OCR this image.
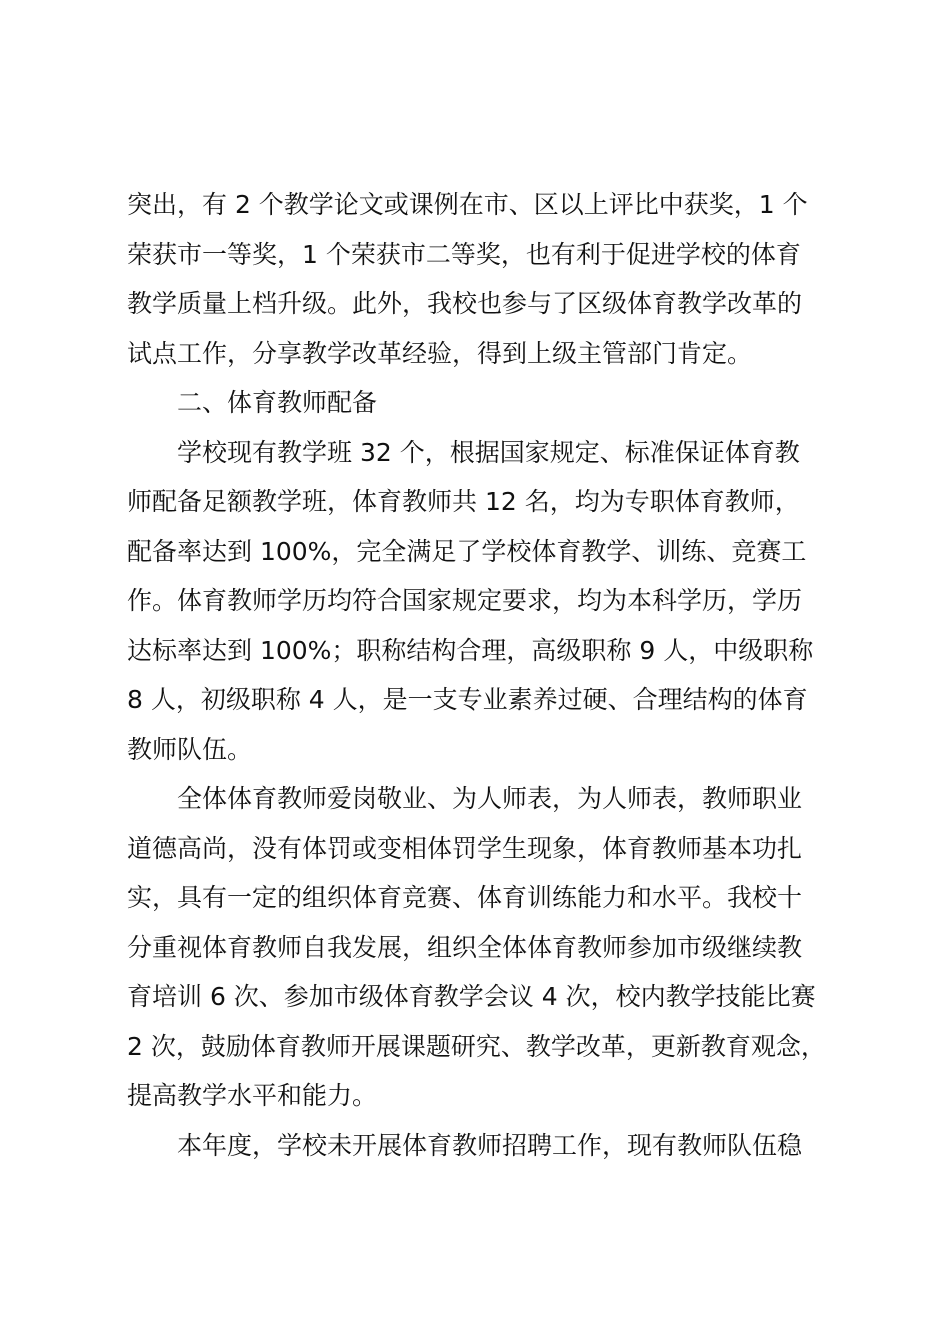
突出，有 2 个教学论文或课例在市、区以上评比中获奖，1 个
荣获市一等奖，1 个荣获市二等奖，也有利于促进学校的体育
教学质量上档升级。此外，我校也参与了区级体育教学改革的
试点工作，分享教学改革经验，得到上级主管部门肯定。
二、体育教师配备
学校现有教学班 32 个，根据国家规定、标准保证体育教
师配备足额教学班，体育教师共 12 名，均为专职体育教师，
配备率达到 100%，完全满足了学校体育教学、训练、竞赛工
作。体育教师学历均符合国家规定要求，均为本科学历，学历
达标率达到 100%；职称结构合理，高级职称 9 人，中级职称
8 人，初级职称 4 人，是一支专业素养过硬、合理结构的体育
教师队伍。
全体体育教师爱岗敬业、为人师表，为人师表，教师职业
道德高尚，没有体罚或变相体罚学生现象，体育教师基本功扎
实，具有一定的组织体育竞赛、体育训练能力和水平。我校十
分重视体育教师自我发展，组织全体体育教师参加市级继续教
育培训 6 次、参加市级体育教学会议 4 次，校内教学技能比赛
2 次，鼓励体育教师开展课题研究、教学改革，更新教育观念，
提高教学水平和能力。
本年度，学校未开展体育教师招聘工作，现有教师队伍稳
